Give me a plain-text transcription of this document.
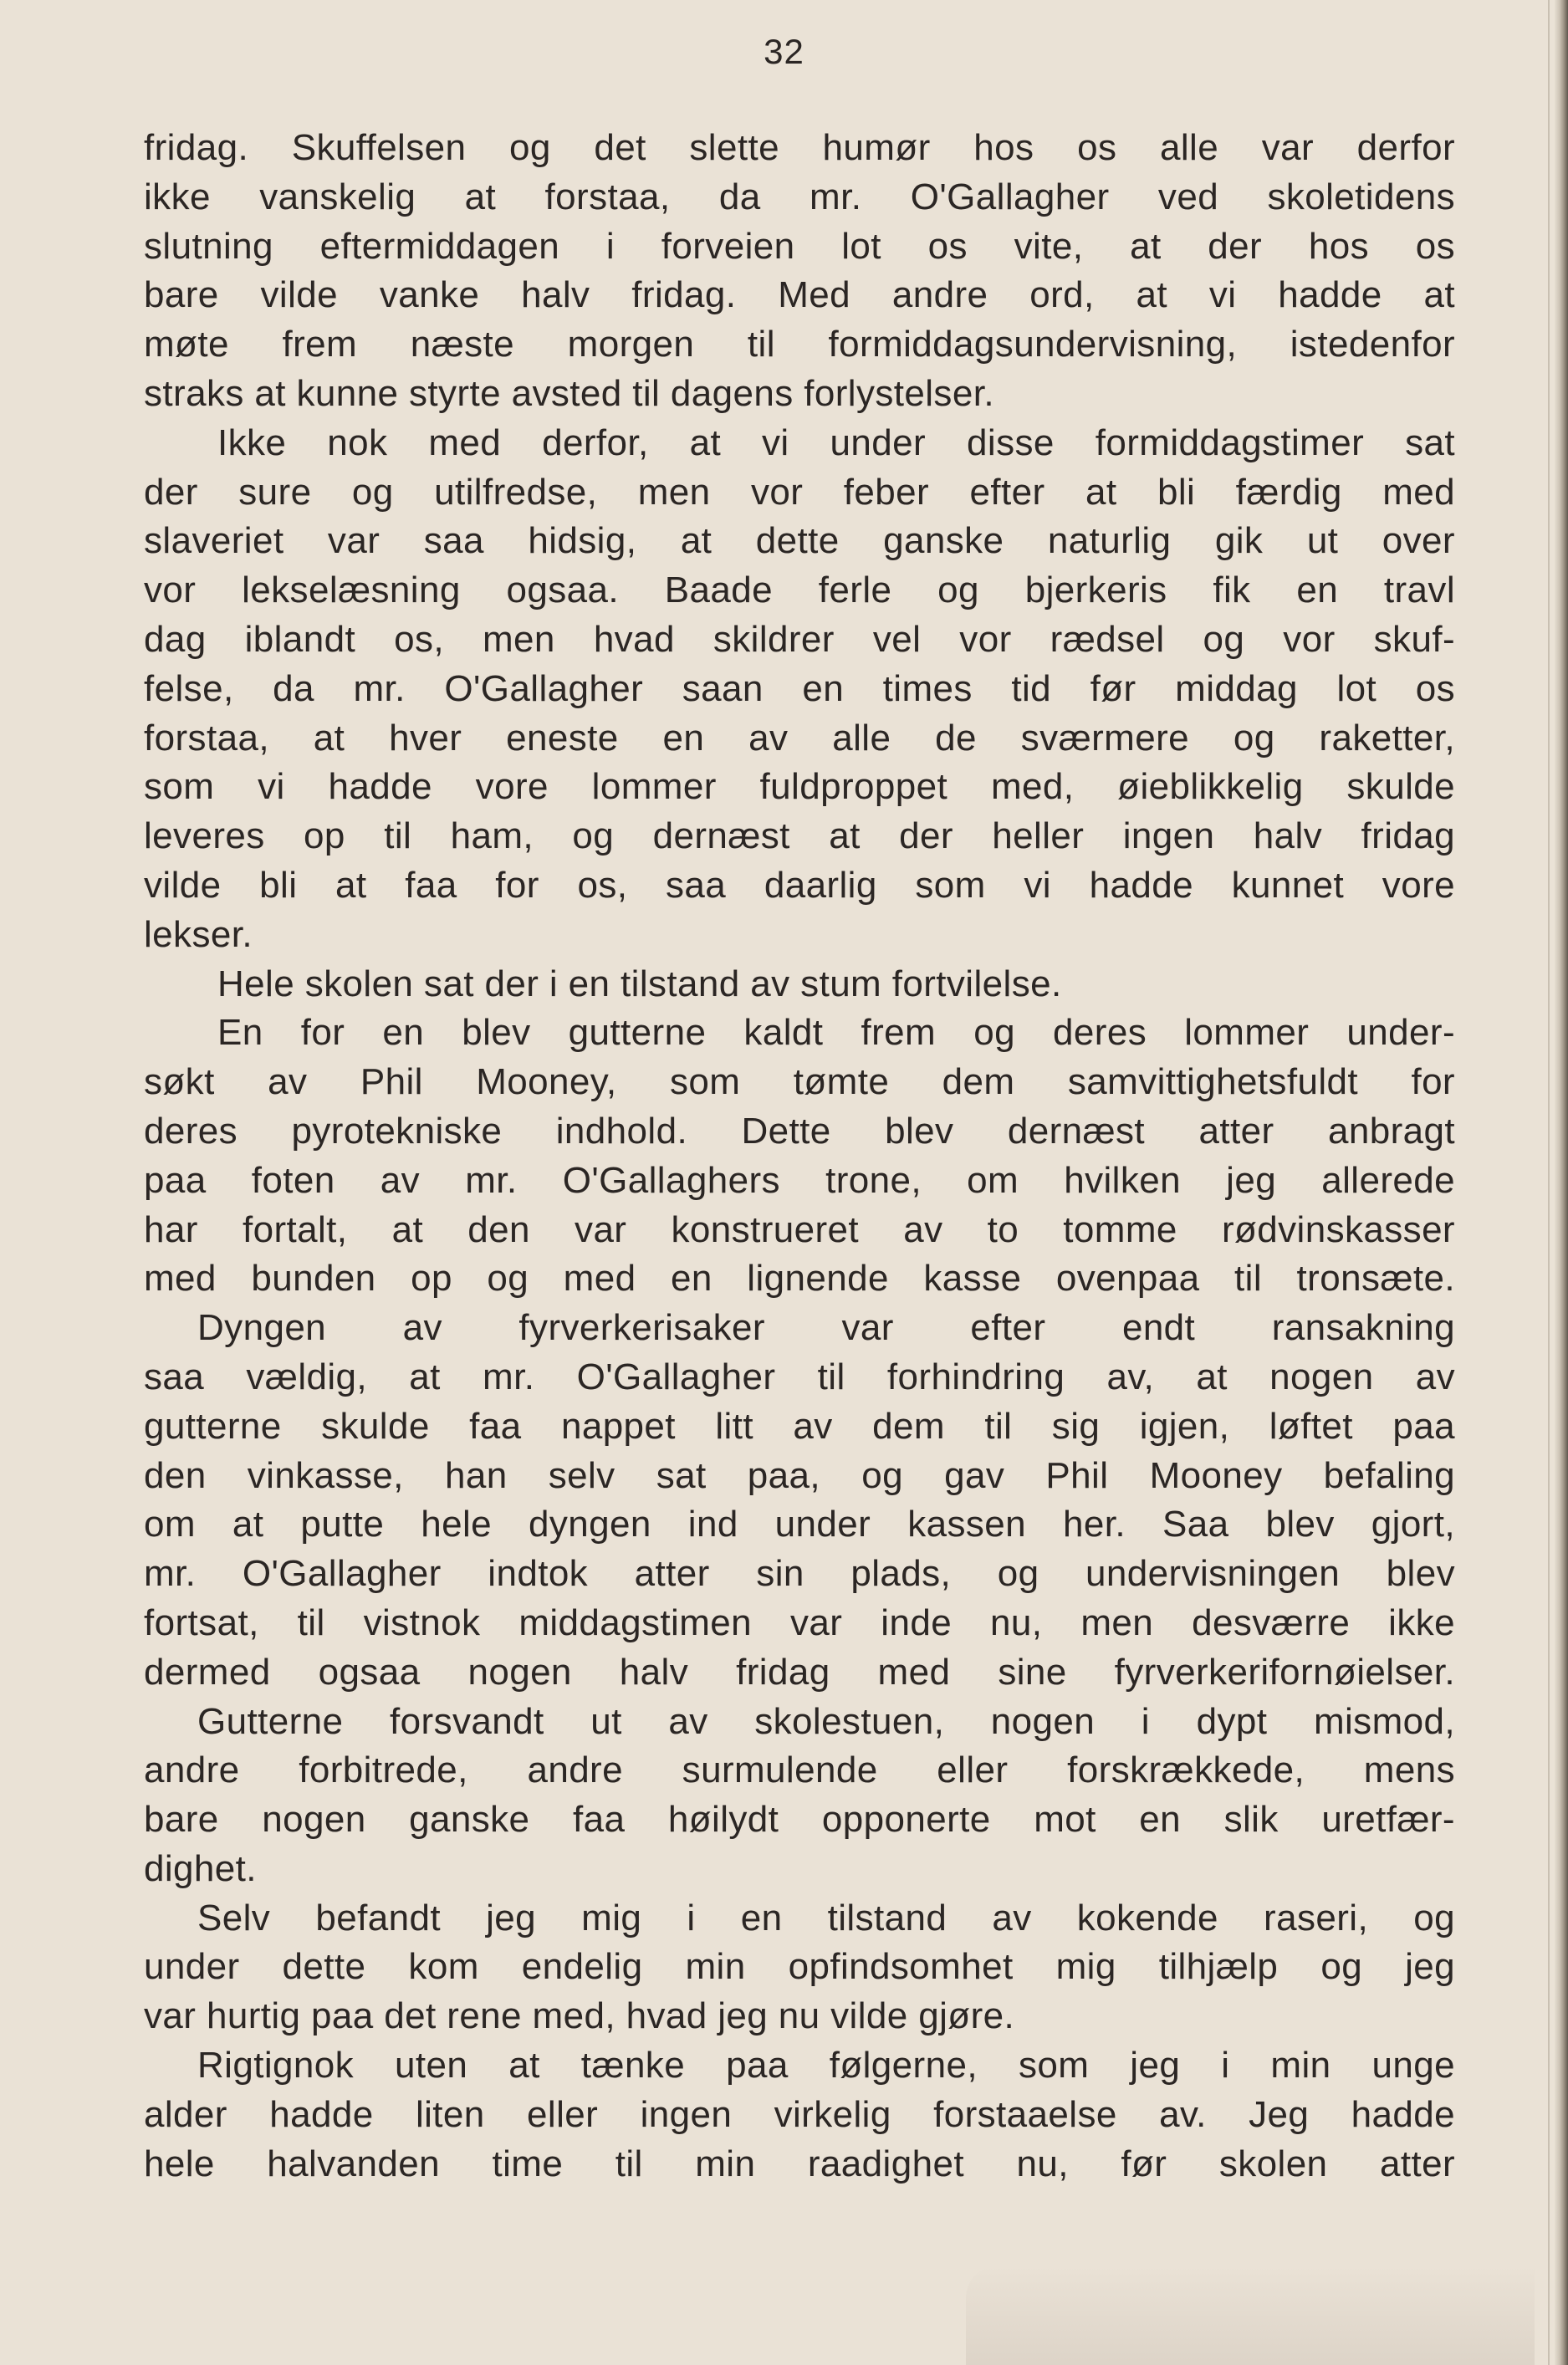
32
fridag. Skuffelsen og det slette humør hos os alle var derfor
ikke vanskelig at forstaa, da mr. O'Gallagher ved skoletidens
slutning eftermiddagen i forveien lot os vite, at der hos os
bare vilde vanke halv fridag. Med andre ord, at vi hadde at
møte frem næste morgen til formiddagsundervisning, istedenfor
straks at kunne styrte avsted til dagens forlystelser.
Ikke nok med derfor, at vi under disse formiddagstimer sat
der sure og utilfredse, men vor feber efter at bli færdig med
slaveriet var saa hidsig, at dette ganske naturlig gik ut over
vor lekselæsning ogsaa. Baade ferle og bjerkeris fik en travl
dag iblandt os, men hvad skildrer vel vor rædsel og vor skuf-
felse, da mr. O'Gallagher saan en times tid før middag lot os
forstaa, at hver eneste en av alle de sværmere og raketter,
som vi hadde vore lommer fuldproppet med, øieblikkelig skulde
leveres op til ham, og dernæst at der heller ingen halv fridag
vilde bli at faa for os, saa daarlig som vi hadde kunnet vore
lekser.
Hele skolen sat der i en tilstand av stum fortvilelse.
En for en blev gutterne kaldt frem og deres lommer under-
søkt av Phil Mooney, som tømte dem samvittighetsfuldt for
deres pyrotekniske indhold. Dette blev dernæst atter anbragt
paa foten av mr. O'Gallaghers trone, om hvilken jeg allerede
har fortalt, at den var konstrueret av to tomme rødvinskasser
med bunden op og med en lignende kasse ovenpaa til tronsæte.
Dyngen av fyrverkerisaker var efter endt ransakning
saa vældig, at mr. O'Gallagher til forhindring av, at nogen av
gutterne skulde faa nappet litt av dem til sig igjen, løftet paa
den vinkasse, han selv sat paa, og gav Phil Mooney befaling
om at putte hele dyngen ind under kassen her. Saa blev gjort,
mr. O'Gallagher indtok atter sin plads, og undervisningen blev
fortsat, til vistnok middagstimen var inde nu, men desværre ikke
dermed ogsaa nogen halv fridag med sine fyrverkerifornøielser.
Gutterne forsvandt ut av skolestuen, nogen i dypt mismod,
andre forbitrede, andre surmulende eller forskrækkede, mens
bare nogen ganske faa høilydt opponerte mot en slik uretfær-
dighet.
Selv befandt jeg mig i en tilstand av kokende raseri, og
under dette kom endelig min opfindsomhet mig tilhjælp og jeg
var hurtig paa det rene med, hvad jeg nu vilde gjøre.
Rigtignok uten at tænke paa følgerne, som jeg i min unge
alder hadde liten eller ingen virkelig forstaaelse av. Jeg hadde
hele halvanden time til min raadighet nu, før skolen atter
